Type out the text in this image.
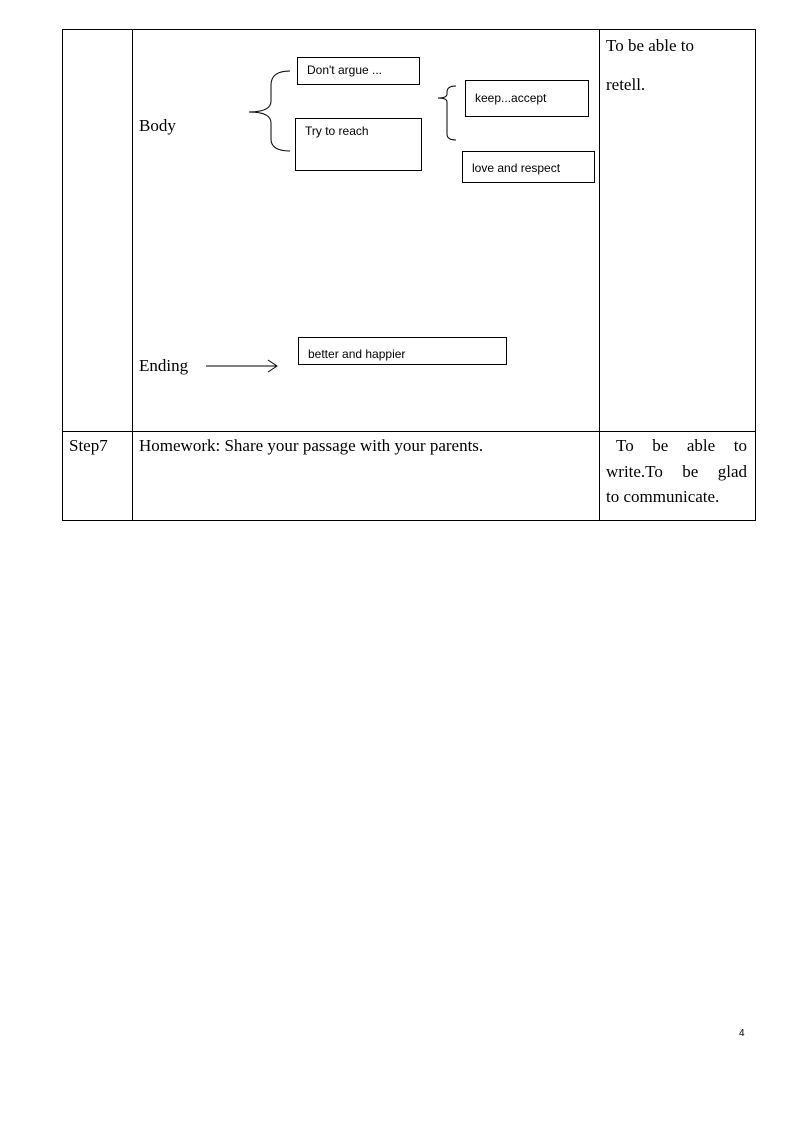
Body
Don't argue ...
Try to reach
keep...accept
love and respect
Ending
better and happier
To be able to
retell.
Step7 Homework: Share your passage with your parents.	To be able to
write.To be glad
to communicate.
4
